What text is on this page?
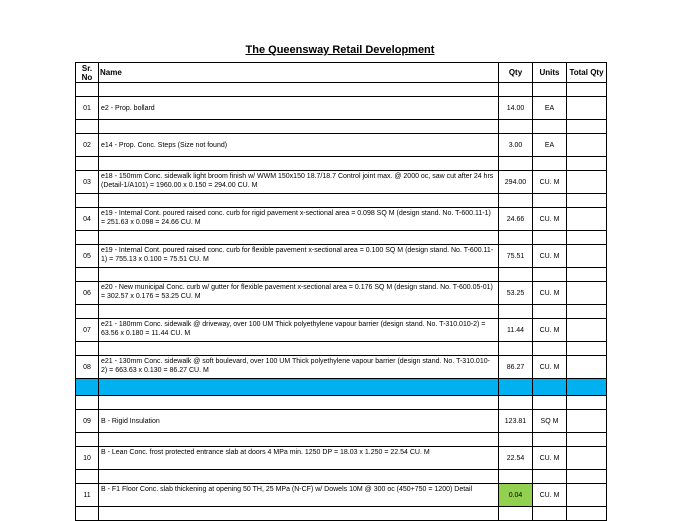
The Queensway Retail Development
Sr. No	Name	Qty	Units	Total Qty

01	e2 - Prop. bollard	14.00	EA	

02	e14 - Prop. Conc. Steps (Size not found)	3.00	EA	

03	e18 - 150mm Conc. sidewalk light broom finish w/ WWM 150x150 18.7/18.7 Control joint max. @ 2000 oc, saw cut after 24 hrs (Detail-1/A101) = 1960.00 x 0.150 = 294.00 CU. M	294.00	CU. M	

04	e19 - Internal Cont. poured raised conc. curb for rigid pavement x-sectional area = 0.098 SQ M (design stand. No. T-600.11-1) = 251.63 x 0.098 = 24.66 CU. M	24.66	CU. M	

05	e19 - Internal Cont. poured raised conc. curb for flexible pavement x-sectional area = 0.100 SQ M (design stand. No. T-600.11-1) = 755.13 x 0.100 = 75.51 CU. M	75.51	CU. M	

06	e20 - New municipal Conc. curb w/ gutter for flexible pavement x-sectional area = 0.176 SQ M (design stand. No. T-600.05-01) = 302.57 x 0.176 = 53.25 CU. M	53.25	CU. M	

07	e21 - 180mm Conc. sidewalk @ driveway, over 100 UM Thick polyethylene vapour barrier (design stand. No. T-310.010-2) = 63.56 x 0.180 = 11.44 CU. M	11.44	CU. M	

08	e21 - 130mm Conc. sidewalk @ soft boulevard, over 100 UM Thick polyethylene vapour barrier (design stand. No. T-310.010-2) = 663.63 x 0.130 = 86.27 CU. M	86.27	CU. M	

09	B - Rigid Insulation	123.81	SQ M	

10	B - Lean Conc. frost protected entrance slab at doors 4 MPa min. 1250 DP = 18.03 x 1.250 = 22.54 CU. M	22.54	CU. M	

11	B - F1 Floor Conc. slab thickening at opening 50 TH, 25 MPa (N-CF) w/ Dowels 10M @ 300 oc (450+750 = 1200) Detail	0.04	CU. M	
